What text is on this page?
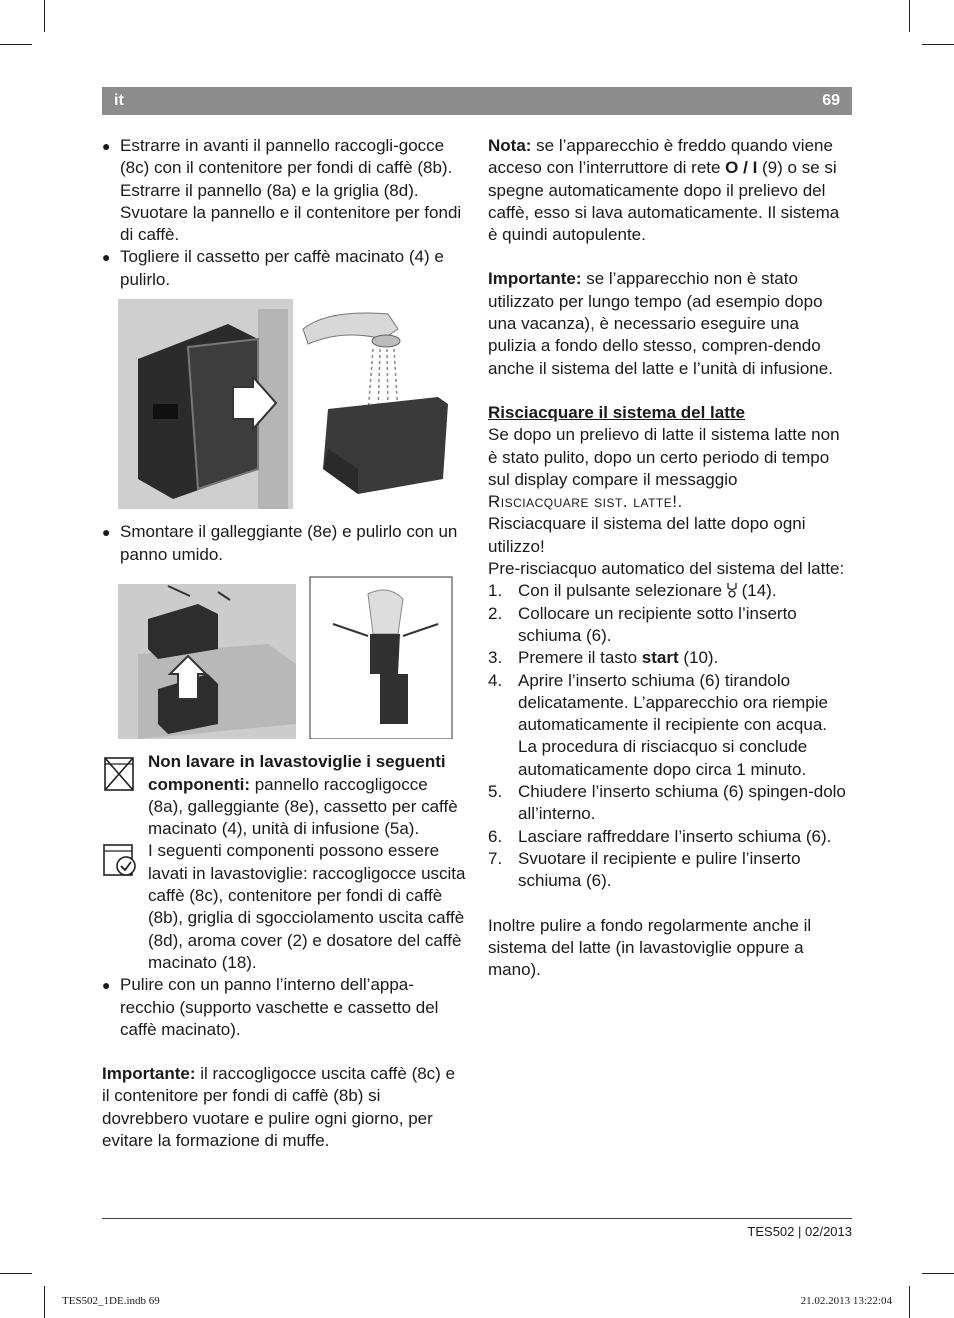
it	69

● Estrarre in avanti il pannello raccogli-gocce (8c) con il contenitore per fondi di caffè (8b). Estrarre il pannello (8a) e la griglia (8d). Svuotare la pannello e il contenitore per fondi di caffè.

● Togliere il cassetto per caffè macinato (4) e pulirlo.

● Smontare il galleggiante (8e) e pulirlo con un panno umido.

Non lavare in lavastoviglie i seguenti componenti: pannello raccogligocce (8a), galleggiante (8e), cassetto per caffè macinato (4), unità di infusione (5a).

I seguenti componenti possono essere lavati in lavastoviglie: raccogligocce uscita caffè (8c), contenitore per fondi di caffè (8b), griglia di sgocciolamento uscita caffè (8d), aroma cover (2) e dosatore del caffè macinato (18).

● Pulire con un panno l’interno dell’appa-recchio (supporto vaschette e cassetto del caffè macinato).

Importante: il raccogligocce uscita caffè (8c) e il contenitore per fondi di caffè (8b) si dovrebbero vuotare e pulire ogni giorno, per evitare la formazione di muffe.

Nota: se l’apparecchio è freddo quando viene acceso con l’interruttore di rete O / I (9) o se si spegne automaticamente dopo il prelievo del caffè, esso si lava automaticamente. Il sistema è quindi autopulente.

Importante: se l’apparecchio non è stato utilizzato per lungo tempo (ad esempio dopo una vacanza), è necessario eseguire una pulizia a fondo dello stesso, compren-dendo anche il sistema del latte e l’unità di infusione.

Risciacquare il sistema del latte

Se dopo un prelievo di latte il sistema latte non è stato pulito, dopo un certo periodo di tempo sul display compare il messaggio

Risciacquare sist. latte!.

Risciacquare il sistema del latte dopo ogni utilizzo!

Pre-risciacquo automatico del sistema del latte:

1. Con il pulsante selezionare  (14).
2. Collocare un recipiente sotto l’inserto schiuma (6).
3. Premere il tasto start (10).
4. Aprire l’inserto schiuma (6) tirandolo delicatamente. L’apparecchio ora riempie automaticamente il recipiente con acqua. La procedura di risciacquo si conclude automaticamente dopo circa 1 minuto.
5. Chiudere l’inserto schiuma (6) spingen-dolo all’interno.
6. Lasciare raffreddare l’inserto schiuma (6).
7. Svuotare il recipiente e pulire l’inserto schiuma (6).

Inoltre pulire a fondo regolarmente anche il sistema del latte (in lavastoviglie oppure a mano).

TES502 | 02/2013
TES502_1DE.indb 69	21.02.2013 13:22:04
